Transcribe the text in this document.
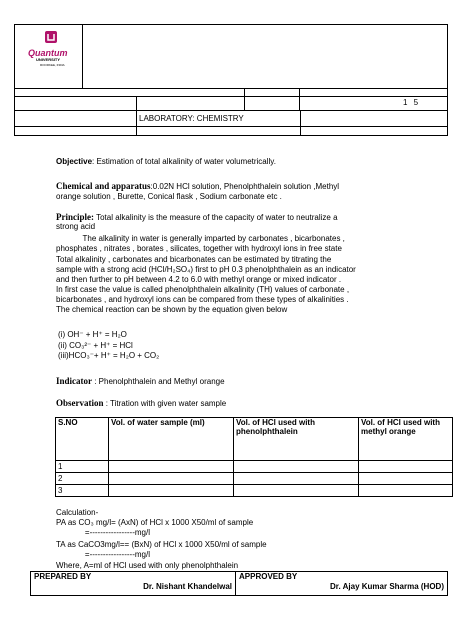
Quantum
UNIVERSITY
ROORKEE, INDIA
1 5
LABORATORY: CHEMISTRY
Objective: Estimation of total alkalinity of water volumetrically.
Chemical and apparatus:0.02N HCl solution, Phenolphthalein solution ,Methyl
orange solution , Burette, Conical flask , Sodium carbonate etc .
Principle: Total alkalinity is the measure of the capacity of water to neutralize a
strong acid
The alkalinity in water is generally imparted by carbonates , bicarbonates ,
phosphates , nitrates , borates , silicates, together with hydroxyl ions in free state
Total alkalinity , carbonates and bicarbonates can be estimated by titrating the
sample with a strong acid (HCl/H₂SO₄) first to pH 0.3 phenolphthalein as an indicator
and then further to pH between 4.2 to 6.0 with methyl orange or mixed indicator .
In first case the value is called phenolphthalein alkalinity (TH) values of carbonate ,
bicarbonates , and hydroxyl ions can be compared from these types of alkalinities .
The chemical reaction can be shown by the equation given below
(i) OH⁻ + H⁺ = H₂O
(ii) CO₃²⁻ + H⁺ = HCl
(iii)HCO₃⁻+ H⁺ = H₂O + CO₂
Indicator : Phenolphthalein and Methyl orange
Observation : Titration with given water sample
S.NO	Vol. of water sample (ml)	Vol. of HCl used with phenolphthalein	Vol. of HCl used with methyl orange
1			
2			
3			
Calculation-
PA as CO₃ mg/l= (AxN) of HCl x 1000 X50/ml of sample
=-----------------mg/l
TA as CaCO3mg/l== (BxN) of HCl x 1000 X50/ml of sample
=-----------------mg/l
Where, A=ml of HCl used with only phenolphthalein
PREPARED BY
Dr. Nishant Khandelwal

APPROVED BY
Dr. Ajay Kumar Sharma (HOD)
